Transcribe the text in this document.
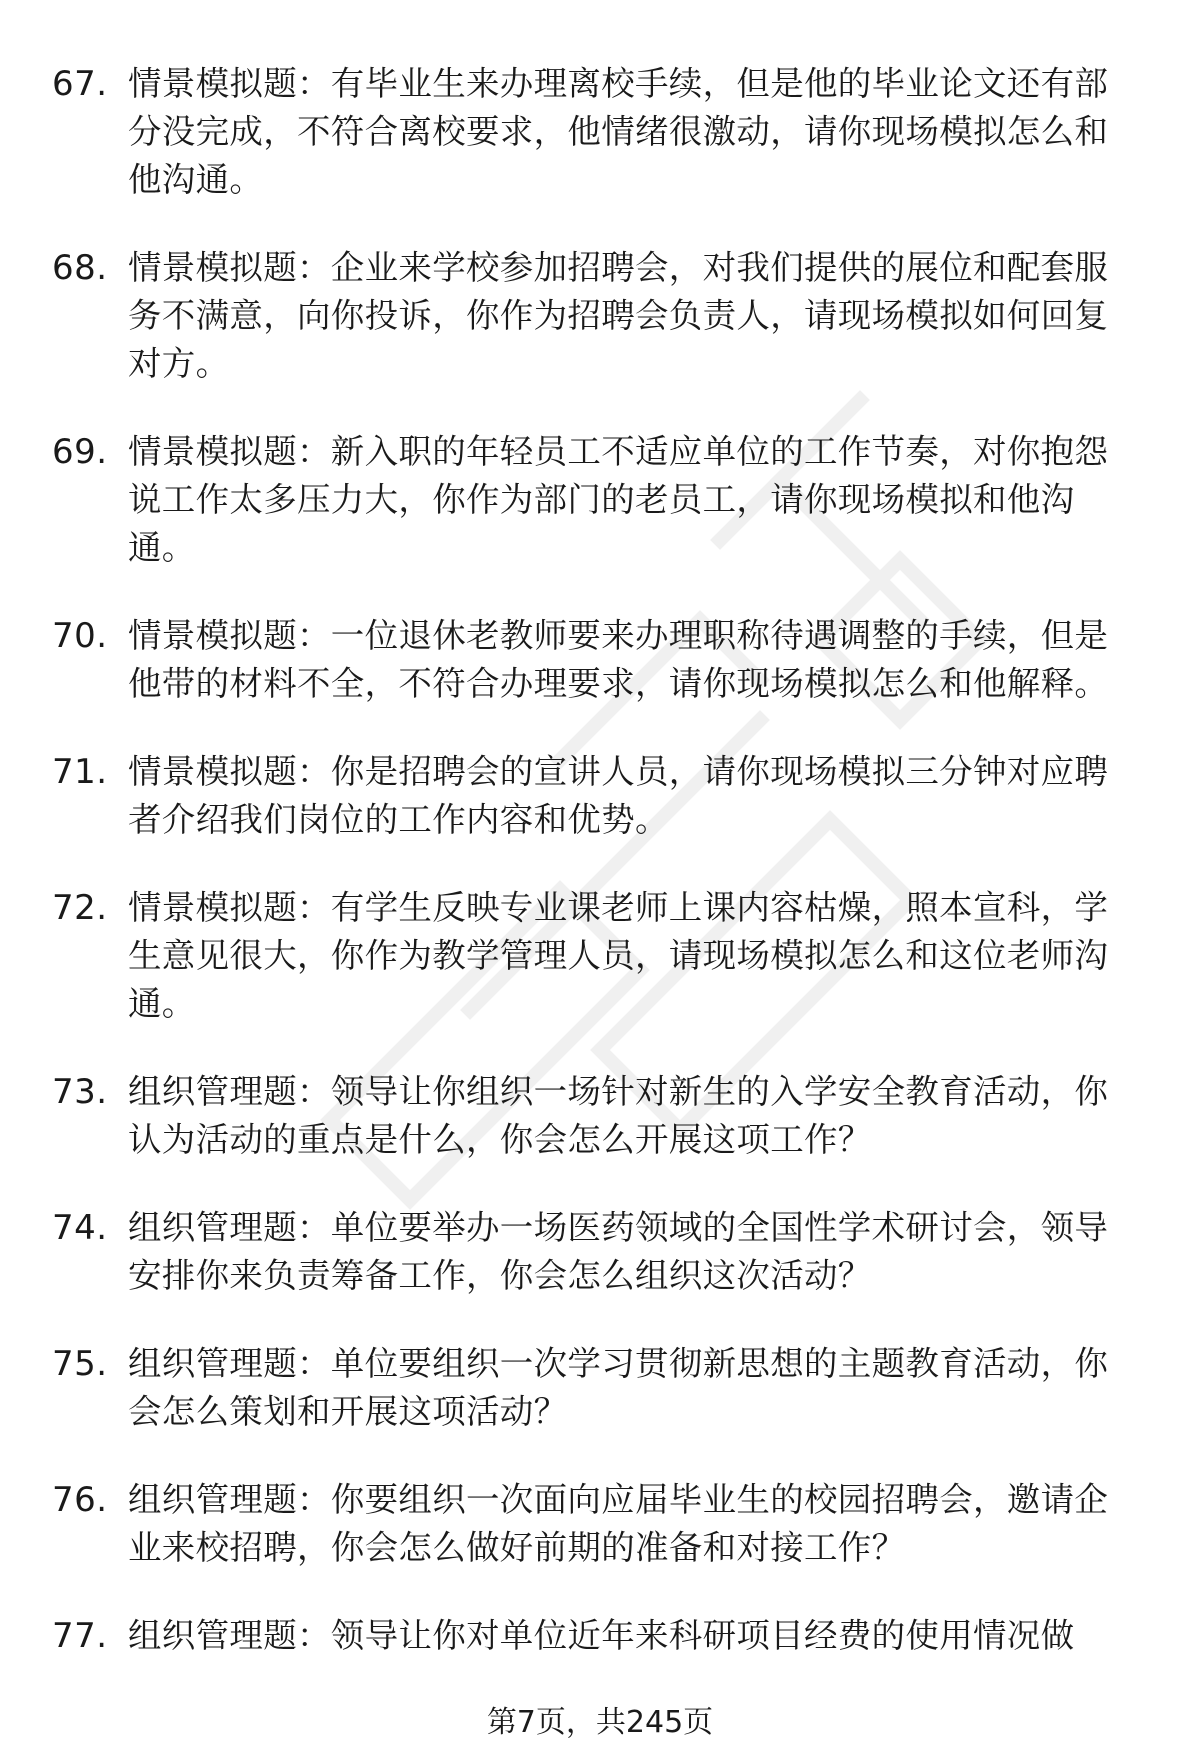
67. 情景模拟题：有毕业生来办理离校手续，但是他的毕业论文还有部分没完成，不符合离校要求，他情绪很激动，请你现场模拟怎么和他沟通。
68. 情景模拟题：企业来学校参加招聘会，对我们提供的展位和配套服务不满意，向你投诉，你作为招聘会负责人，请现场模拟如何回复对方。
69. 情景模拟题：新入职的年轻员工不适应单位的工作节奏，对你抱怨说工作太多压力大，你作为部门的老员工，请你现场模拟和他沟通。
70. 情景模拟题：一位退休老教师要来办理职称待遇调整的手续，但是他带的材料不全，不符合办理要求，请你现场模拟怎么和他解释。
71. 情景模拟题：你是招聘会的宣讲人员，请你现场模拟三分钟对应聘者介绍我们岗位的工作内容和优势。
72. 情景模拟题：有学生反映专业课老师上课内容枯燥，照本宣科，学生意见很大，你作为教学管理人员，请现场模拟怎么和这位老师沟通。
73. 组织管理题：领导让你组织一场针对新生的入学安全教育活动，你认为活动的重点是什么，你会怎么开展这项工作？
74. 组织管理题：单位要举办一场医药领域的全国性学术研讨会，领导安排你来负责筹备工作，你会怎么组织这次活动？
75. 组织管理题：单位要组织一次学习贯彻新思想的主题教育活动，你会怎么策划和开展这项活动？
76. 组织管理题：你要组织一次面向应届毕业生的校园招聘会，邀请企业来校招聘，你会怎么做好前期的准备和对接工作？
77. 组织管理题：领导让你对单位近年来科研项目经费的使用情况做
第7页，共245页
